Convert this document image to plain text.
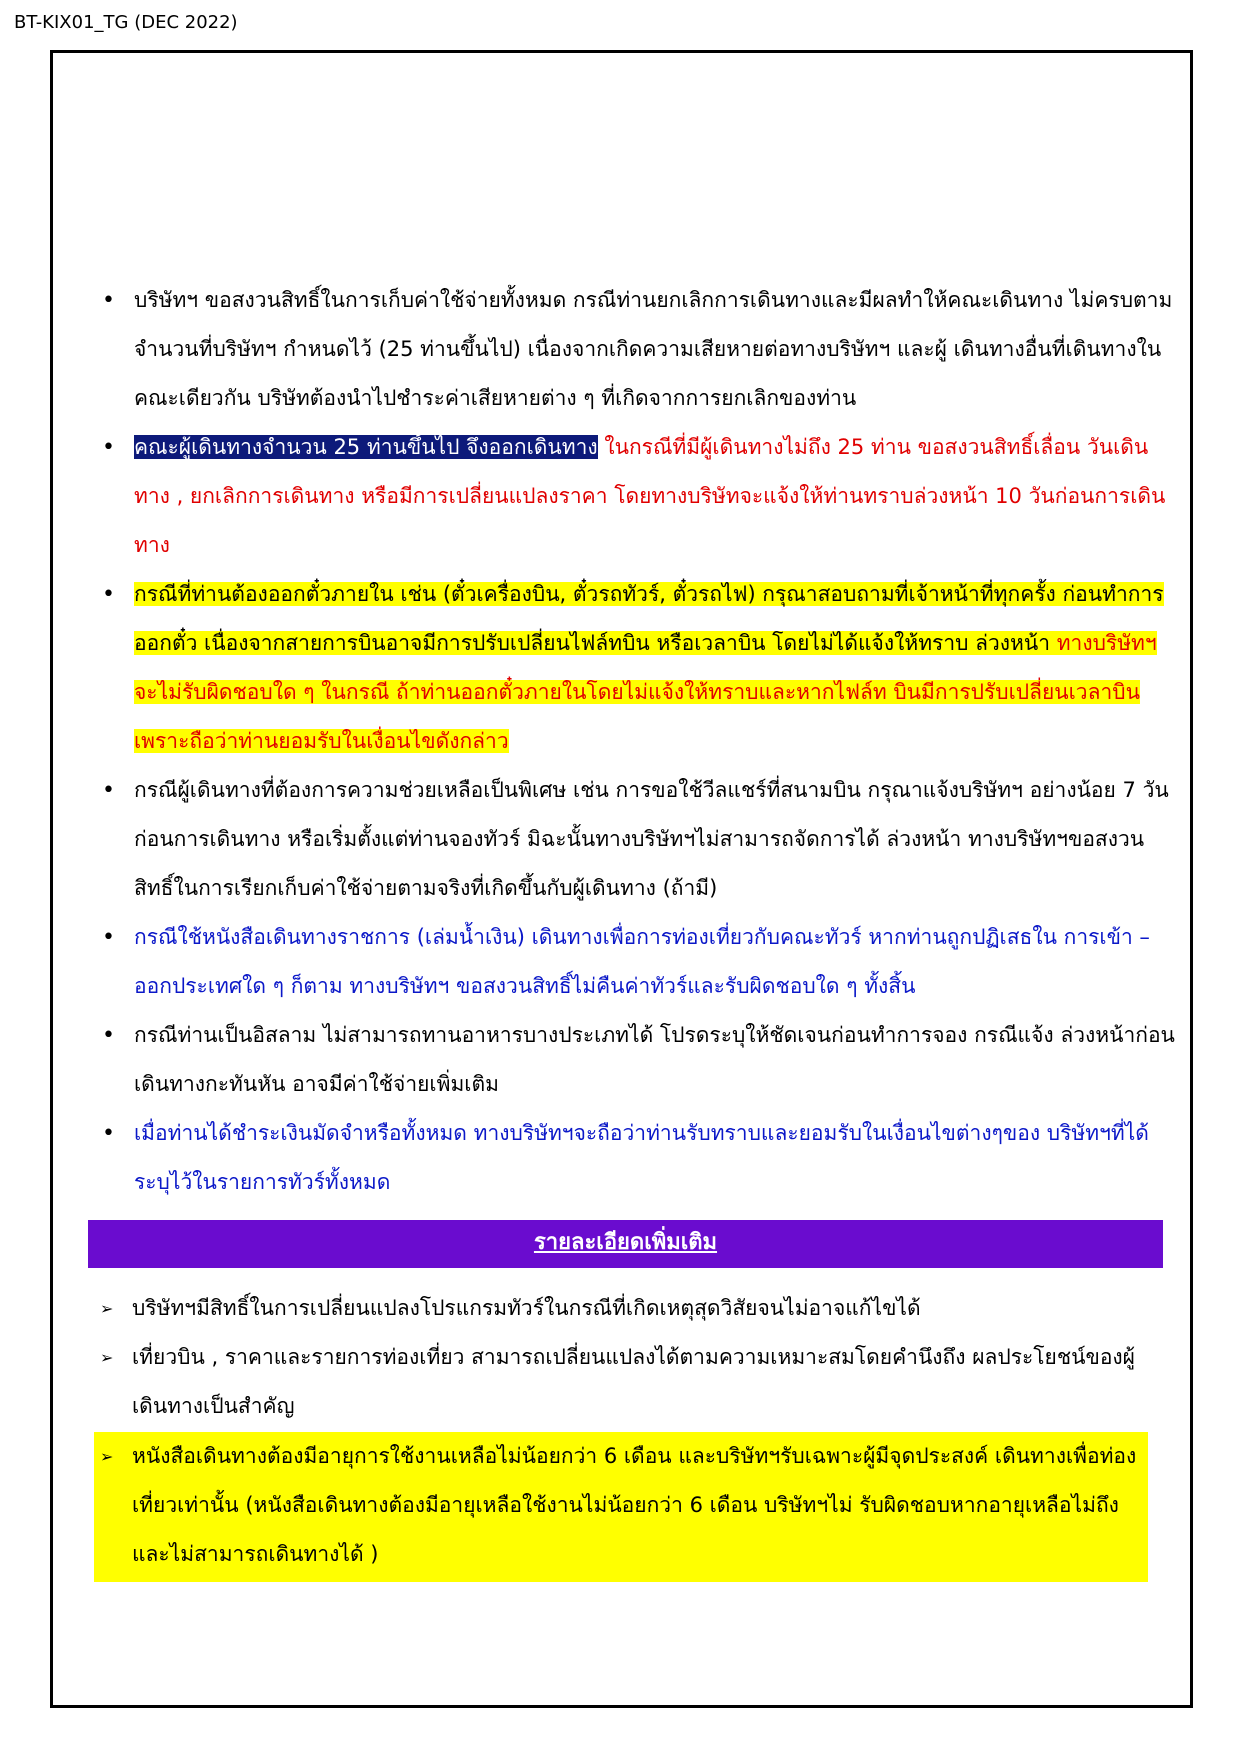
BT-KIX01_TG (DEC 2022)
• บริษัทฯ ขอสงวนสิทธิ์ในการเก็บค่าใช้จ่ายทั้งหมด กรณีท่านยกเลิกการเดินทางและมีผลทำให้คณะเดินทาง ไม่ครบตามจำนวนที่บริษัทฯ กำหนดไว้ (25 ท่านขึ้นไป) เนื่องจากเกิดความเสียหายต่อทางบริษัทฯ และผู้ เดินทางอื่นที่เดินทางในคณะเดียวกัน บริษัทต้องนำไปชำระค่าเสียหายต่าง ๆ ที่เกิดจากการยกเลิกของท่าน
• คณะผู้เดินทางจำนวน 25 ท่านขึ้นไป จึงออกเดินทาง ในกรณีที่มีผู้เดินทางไม่ถึง 25 ท่าน ขอสงวนสิทธิ์เลื่อน วันเดินทาง , ยกเลิกการเดินทาง หรือมีการเปลี่ยนแปลงราคา โดยทางบริษัทจะแจ้งให้ท่านทราบล่วงหน้า 10 วันก่อนการเดินทาง
• กรณีที่ท่านต้องออกตั๋วภายใน เช่น (ตั๋วเครื่องบิน, ตั๋วรถทัวร์, ตั๋วรถไฟ) กรุณาสอบถามที่เจ้าหน้าที่ทุกครั้ง ก่อนทำการออกตั๋ว เนื่องจากสายการบินอาจมีการปรับเปลี่ยนไฟล์ทบิน หรือเวลาบิน โดยไม่ได้แจ้งให้ทราบ ล่วงหน้า ทางบริษัทฯ จะไม่รับผิดชอบใด ๆ ในกรณี ถ้าท่านออกตั๋วภายในโดยไม่แจ้งให้ทราบและหากไฟล์ท บินมีการปรับเปลี่ยนเวลาบินเพราะถือว่าท่านยอมรับในเงื่อนไขดังกล่าว
• กรณีผู้เดินทางที่ต้องการความช่วยเหลือเป็นพิเศษ เช่น การขอใช้วีลแชร์ที่สนามบิน กรุณาแจ้งบริษัทฯ อย่างน้อย 7 วันก่อนการเดินทาง หรือเริ่มตั้งแต่ท่านจองทัวร์ มิฉะนั้นทางบริษัทฯไม่สามารถจัดการได้ ล่วงหน้า ทางบริษัทฯขอสงวนสิทธิ์ในการเรียกเก็บค่าใช้จ่ายตามจริงที่เกิดขึ้นกับผู้เดินทาง (ถ้ามี)
• กรณีใช้หนังสือเดินทางราชการ (เล่มน้ำเงิน) เดินทางเพื่อการท่องเที่ยวกับคณะทัวร์ หากท่านถูกปฏิเสธใน การเข้า – ออกประเทศใด ๆ ก็ตาม ทางบริษัทฯ ขอสงวนสิทธิ์ไม่คืนค่าทัวร์และรับผิดชอบใด ๆ ทั้งสิ้น
• กรณีท่านเป็นอิสลาม ไม่สามารถทานอาหารบางประเภทได้ โปรดระบุให้ชัดเจนก่อนทำการจอง กรณีแจ้ง ล่วงหน้าก่อนเดินทางกะทันหัน อาจมีค่าใช้จ่ายเพิ่มเติม
• เมื่อท่านได้ชำระเงินมัดจำหรือทั้งหมด ทางบริษัทฯจะถือว่าท่านรับทราบและยอมรับในเงื่อนไขต่างๆของ บริษัทฯที่ได้ระบุไว้ในรายการทัวร์ทั้งหมด
รายละเอียดเพิ่มเติม
➢ บริษัทฯมีสิทธิ์ในการเปลี่ยนแปลงโปรแกรมทัวร์ในกรณีที่เกิดเหตุสุดวิสัยจนไม่อาจแก้ไขได้
➢ เที่ยวบิน , ราคาและรายการท่องเที่ยว สามารถเปลี่ยนแปลงได้ตามความเหมาะสมโดยคำนึงถึง ผลประโยชน์ของผู้เดินทางเป็นสำคัญ
➢ หนังสือเดินทางต้องมีอายุการใช้งานเหลือไม่น้อยกว่า 6 เดือน และบริษัทฯรับเฉพาะผู้มีจุดประสงค์ เดินทางเพื่อท่องเที่ยวเท่านั้น (หนังสือเดินทางต้องมีอายุเหลือใช้งานไม่น้อยกว่า 6 เดือน บริษัทฯไม่ รับผิดชอบหากอายุเหลือไม่ถึงและไม่สามารถเดินทางได้ )
